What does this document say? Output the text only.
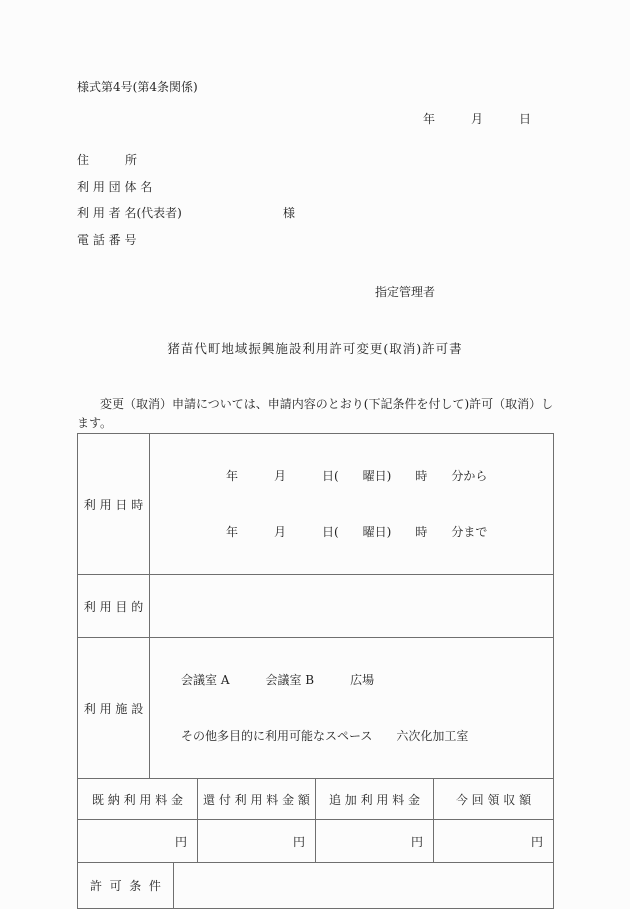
様式第4号(第4条関係)
年　　　月　　　日
住　　　所
利 用 団 体 名
利 用 者 名(代表者)	様
電 話 番 号
指定管理者
猪苗代町地域振興施設利用許可変更(取消)許可書
変更（取消）申請については、申請内容のとおり(下記条件を付して)許可（取消）し
ます。
利 用 日 時	年　　　月　　　日(　　曜日)　　時　　分から

年　　　月　　　日(　　曜日)　　時　　分まで

利 用 目 的	
利 用 施 設	会議室 A　　　会議室 B　　　広場

その他多目的に利用可能なスペース　　六次化加工室

既 納 利 用 料 金	還 付 利 用 料 金 額	追 加 利 用 料 金	今 回 領 収 額
円	円	円	円
許  可  条  件	
